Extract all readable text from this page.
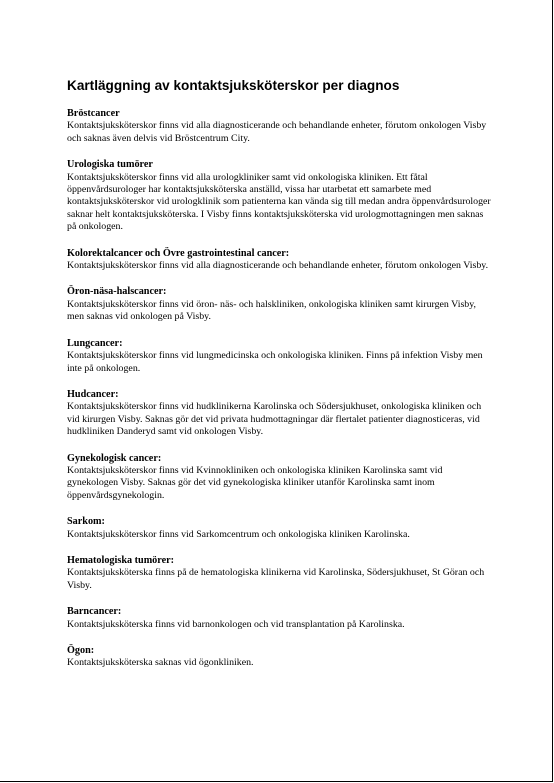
Kartläggning av kontaktsjuksköterskor per diagnos

Bröstcancer

Kontaktsjuksköterskor finns vid alla diagnosticerande och behandlande enheter, förutom onkologen Visby och saknas även delvis vid Bröstcentrum City.

Urologiska tumörer

Kontaktsjuksköterskor finns vid alla urologkliniker samt vid onkologiska kliniken. Ett fåtal öppenvårdsurologer har kontaktsjuksköterska anställd, vissa har utarbetat ett samarbete med kontaktsjuksköterskor vid urologklinik som patienterna kan vända sig till medan andra öppenvårdsurologer saknar helt kontaktsjuksköterska. I Visby finns kontaktsjuksköterska vid urologmottagningen men saknas på onkologen.

Kolorektalcancer och Övre gastrointestinal cancer:

Kontaktsjuksköterskor finns vid alla diagnosticerande och behandlande enheter, förutom onkologen Visby.

Öron-näsa-halscancer:

Kontaktsjuksköterskor finns vid öron- näs- och halskliniken, onkologiska kliniken samt kirurgen Visby, men saknas vid onkologen på Visby.

Lungcancer:

Kontaktsjuksköterskor finns vid lungmedicinska och onkologiska kliniken. Finns på infektion Visby men inte på onkologen.

Hudcancer:

Kontaktsjuksköterskor finns vid hudklinikerna Karolinska och Södersjukhuset, onkologiska kliniken och vid kirurgen Visby. Saknas gör det vid privata hudmottagningar där flertalet patienter diagnosticeras, vid hudkliniken Danderyd samt vid onkologen Visby.

Gynekologisk cancer:

Kontaktsjuksköterskor finns vid Kvinnokliniken och onkologiska kliniken Karolinska samt vid gynekologen Visby. Saknas gör det vid gynekologiska kliniker utanför Karolinska samt inom öppenvårdsgynekologin.

Sarkom:

Kontaktsjuksköterskor finns vid Sarkomcentrum och onkologiska kliniken Karolinska.

Hematologiska tumörer:

Kontaktsjuksköterska finns på de hematologiska klinikerna vid Karolinska, Södersjukhuset, St Göran och Visby.

Barncancer:

Kontaktsjuksköterska finns vid barnonkologen och vid transplantation på Karolinska.

Ögon:

Kontaktsjuksköterska saknas vid ögonkliniken.
